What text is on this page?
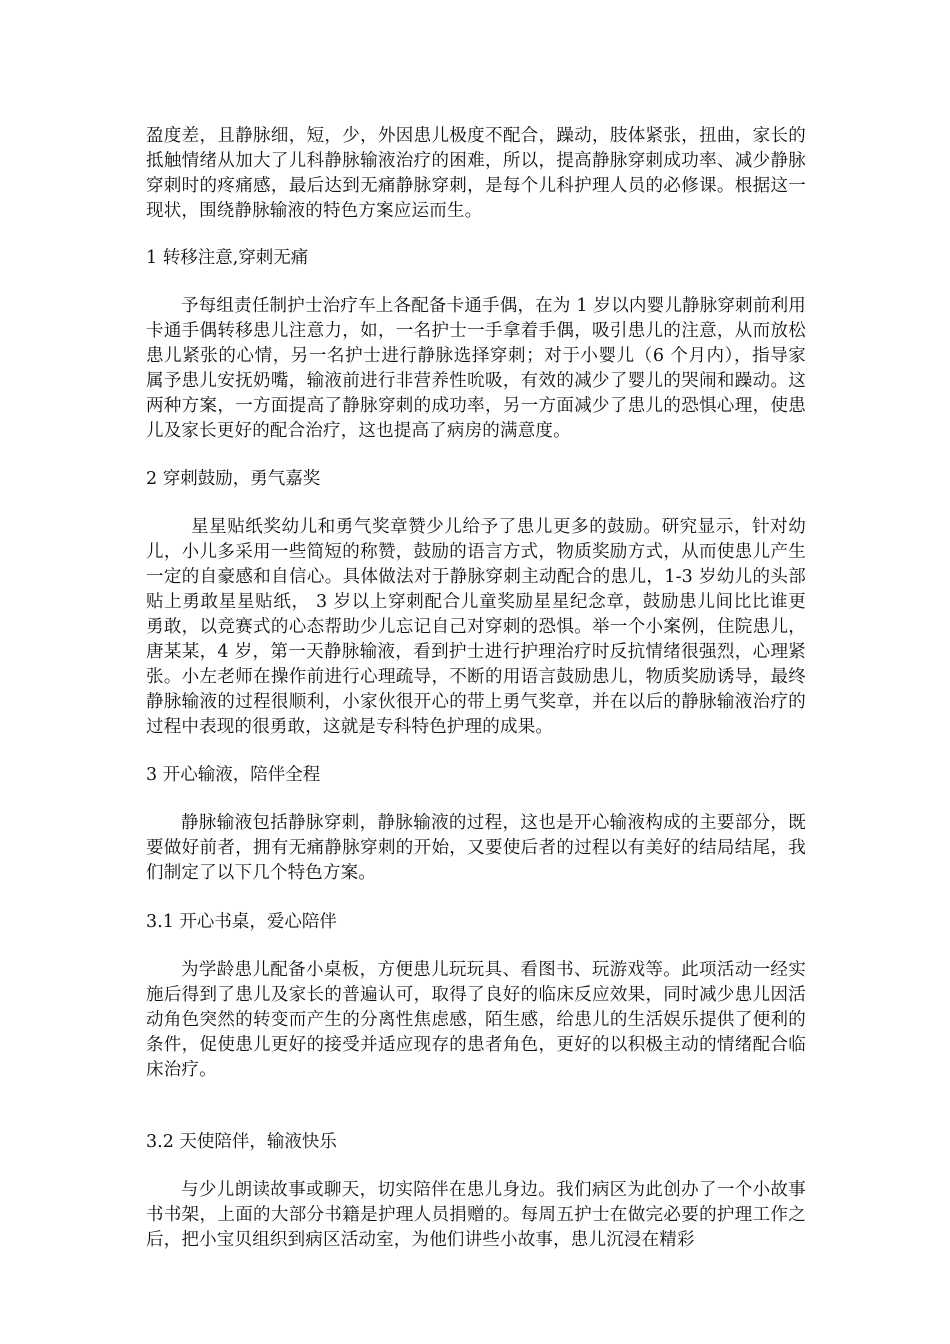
盈度差，且静脉细，短，少，外因患儿极度不配合，躁动，肢体紧张，扭曲，家长的抵触情绪从加大了儿科静脉输液治疗的困难，所以，提高静脉穿刺成功率、减少静脉穿刺时的疼痛感，最后达到无痛静脉穿刺，是每个儿科护理人员的必修课。根据这一现状，围绕静脉输液的特色方案应运而生。

1 转移注意,穿刺无痛

予每组责任制护士治疗车上各配备卡通手偶，在为 1 岁以内婴儿静脉穿刺前利用卡通手偶转移患儿注意力，如，一名护士一手拿着手偶，吸引患儿的注意，从而放松患儿紧张的心情，另一名护士进行静脉选择穿刺；对于小婴儿（6 个月内），指导家属予患儿安抚奶嘴，输液前进行非营养性吮吸，有效的减少了婴儿的哭闹和躁动。这两种方案，一方面提高了静脉穿刺的成功率，另一方面减少了患儿的恐惧心理，使患儿及家长更好的配合治疗，这也提高了病房的满意度。

2 穿刺鼓励，勇气嘉奖

星星贴纸奖幼儿和勇气奖章赞少儿给予了患儿更多的鼓励。研究显示，针对幼儿，小儿多采用一些简短的称赞，鼓励的语言方式，物质奖励方式，从而使患儿产生一定的自豪感和自信心。具体做法对于静脉穿刺主动配合的患儿，1-3 岁幼儿的头部贴上勇敢星星贴纸， 3 岁以上穿刺配合儿童奖励星星纪念章，鼓励患儿间比比谁更勇敢，以竞赛式的心态帮助少儿忘记自己对穿刺的恐惧。举一个小案例，住院患儿，唐某某，4 岁，第一天静脉输液，看到护士进行护理治疗时反抗情绪很强烈，心理紧张。小左老师在操作前进行心理疏导，不断的用语言鼓励患儿，物质奖励诱导，最终静脉输液的过程很顺利，小家伙很开心的带上勇气奖章，并在以后的静脉输液治疗的过程中表现的很勇敢，这就是专科特色护理的成果。

3 开心输液，陪伴全程

静脉输液包括静脉穿刺，静脉输液的过程，这也是开心输液构成的主要部分，既要做好前者，拥有无痛静脉穿刺的开始，又要使后者的过程以有美好的结局结尾，我们制定了以下几个特色方案。

3.1 开心书桌，爱心陪伴

为学龄患儿配备小桌板，方便患儿玩玩具、看图书、玩游戏等。此项活动一经实施后得到了患儿及家长的普遍认可，取得了良好的临床反应效果，同时减少患儿因活动角色突然的转变而产生的分离性焦虑感，陌生感，给患儿的生活娱乐提供了便利的条件，促使患儿更好的接受并适应现存的患者角色，更好的以积极主动的情绪配合临床治疗。

3.2 天使陪伴，输液快乐

与少儿朗读故事或聊天，切实陪伴在患儿身边。我们病区为此创办了一个小故事书书架，上面的大部分书籍是护理人员捐赠的。每周五护士在做完必要的护理工作之后，把小宝贝组织到病区活动室，为他们讲些小故事，患儿沉浸在精彩
